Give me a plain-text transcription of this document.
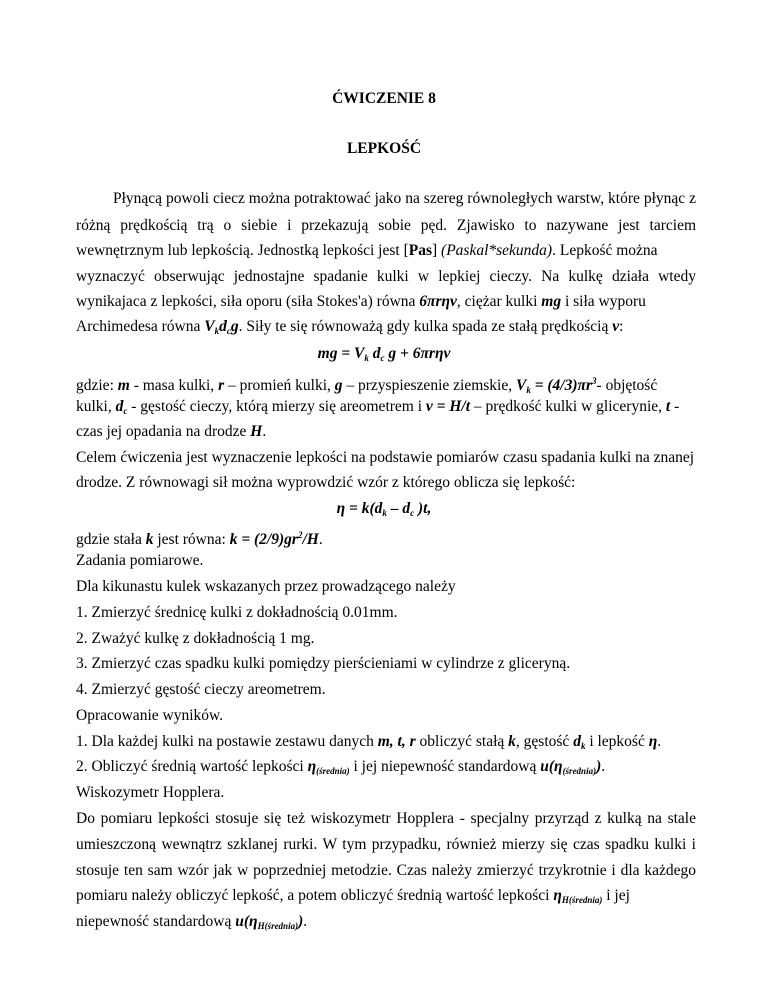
ĆWICZENIE 8
LEPKOŚĆ
Płynącą powoli ciecz można potraktować jako na szereg równoległych warstw, które płynąc z
różną prędkością trą o siebie i przekazują sobie pęd. Zjawisko to nazywane jest tarciem
wewnętrznym lub lepkością. Jednostką lepkości jest [Pas] (Paskal*sekunda). Lepkość można
wyznaczyć obserwując jednostajne spadanie kulki w lepkiej cieczy. Na kulkę działa wtedy
wynikajaca z lepkości, siła oporu (siła Stokes'a) równa 6πrηv, ciężar kulki mg i siła wyporu
Archimedesa równa $V_kd_cg$. Siły te się równoważą gdy kulka spada ze stałą prędkością v:
mg = $V_k$ $d_c$ g + 6πrηv
gdzie: m - masa kulki, r – promień kulki, g – przyspieszenie ziemskie, $V_k = (4/3)\pi r^3-$ objętość
kulki, $d_c$ - gęstość cieczy, którą mierzy się areometrem i v = H/t – prędkość kulki w glicerynie, t -
czas jej opadania na drodze H.
Celem ćwiczenia jest wyznaczenie lepkości na podstawie pomiarów czasu spadania kulki na znanej
drodze. Z równowagi sił można wyprowdzić wzór z którego oblicza się lepkość:
$\eta = k(d_k - d_c$ )t,
gdzie stała k jest równa: $k = (2/9)gr^2/H$.
Zadania pomiarowe.
Dla kikunastu kulek wskazanych przez prowadzącego należy
1. Zmierzyć średnicę kulki z dokładnością 0.01mm.
2. Zważyć kulkę z dokładnością 1 mg.
3. Zmierzyć czas spadku kulki pomiędzy pierścieniami w cylindrze z gliceryną.
4. Zmierzyć gęstość cieczy areometrem.
Opracowanie wyników.
1. Dla każdej kulki na postawie zestawu danych m, t, r obliczyć stałą k, gęstość $d_k$ i lepkość η.
2. Obliczyć średnią wartość lepkości $\eta_{(średnia)}$ i jej niepewność standardową $u(\eta_{(średnia)})$.
Wiskozymetr Hopplera.
Do pomiaru lepkości stosuje się też wiskozymetr Hopplera - specjalny przyrząd z kulką na stale
umieszczoną wewnątrz szklanej rurki. W tym przypadku, również mierzy się czas spadku kulki i
stosuje ten sam wzór jak w poprzedniej metodzie. Czas należy zmierzyć trzykrotnie i dla każdego
pomiaru należy obliczyć lepkość, a potem obliczyć średnią wartość lepkości $\eta_{H(średnia)}$ i jej
niepewność standardową $u(\eta_{H(średnia)})$.
